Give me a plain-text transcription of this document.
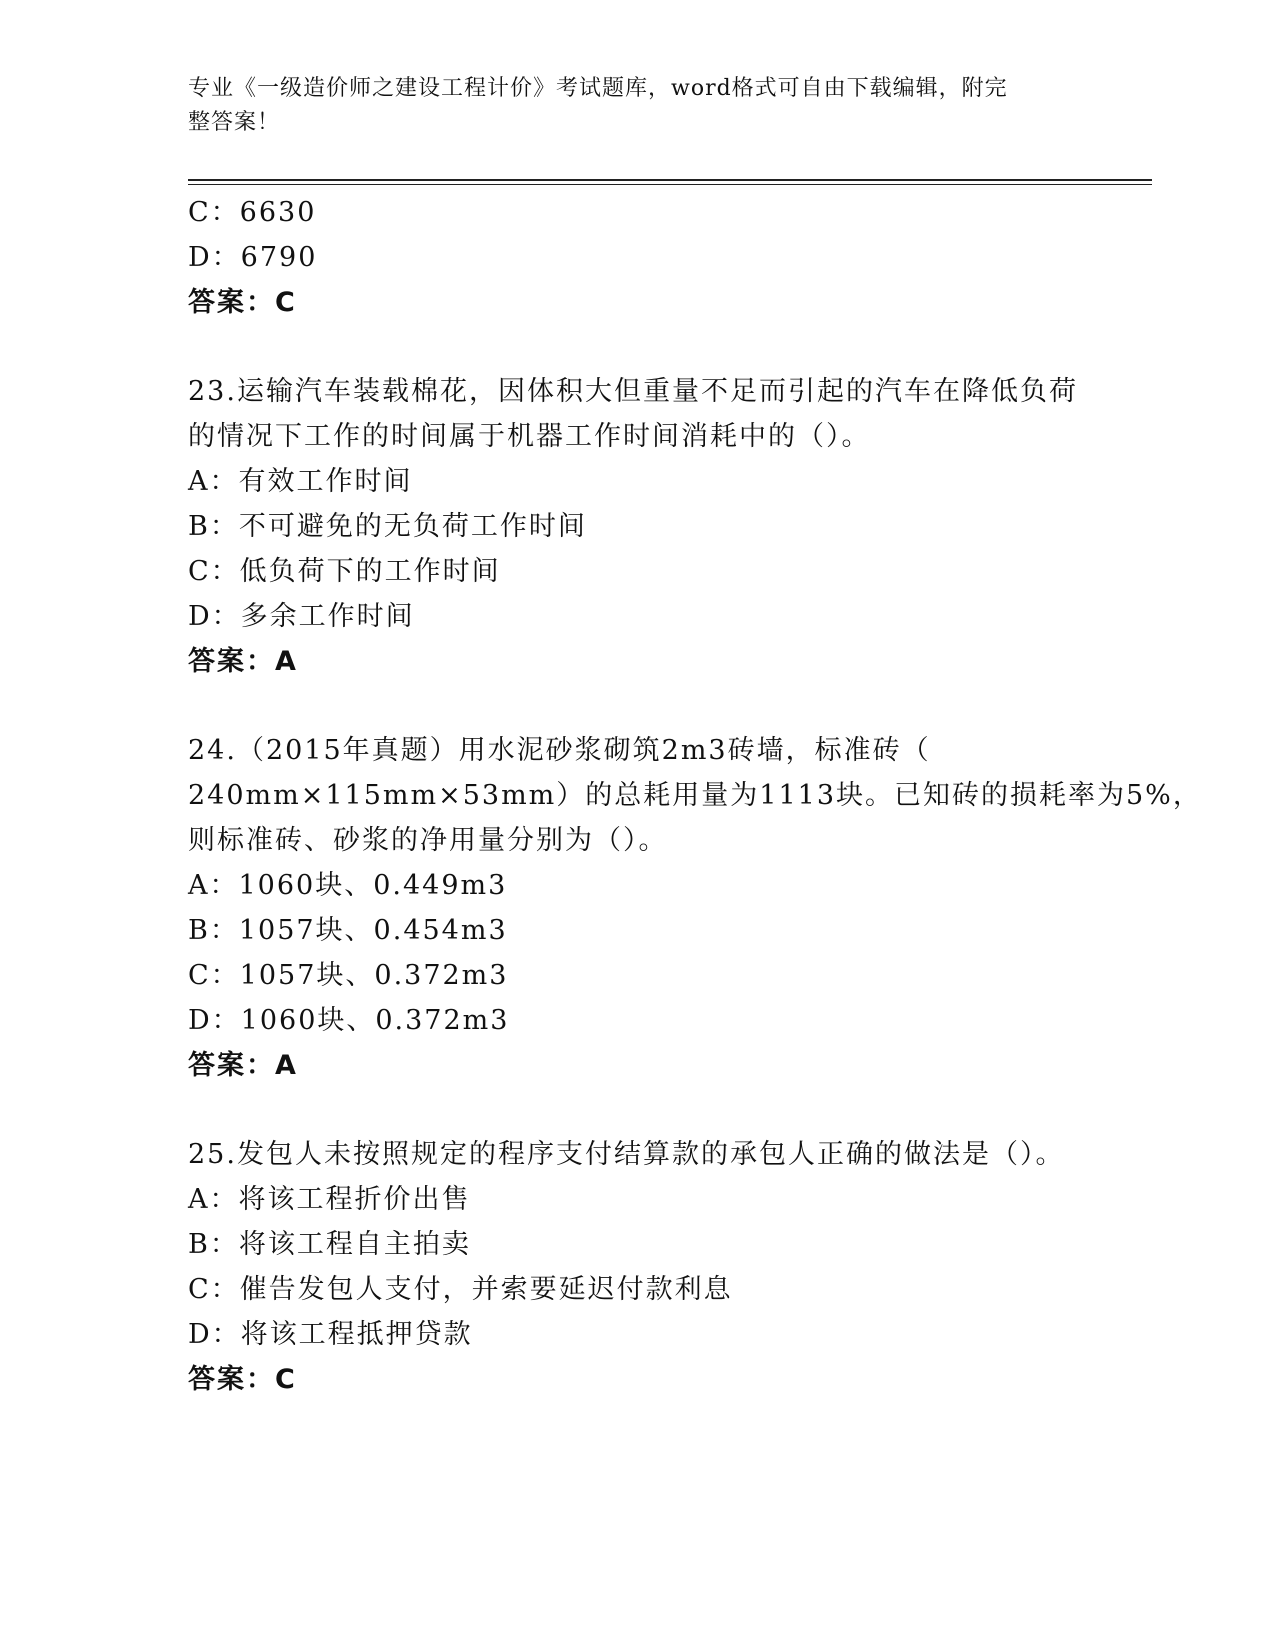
专业《一级造价师之建设工程计价》考试题库，word格式可自由下载编辑，附完
整答案！
C：6630
D：6790
答案：C
23.运输汽车装载棉花，因体积大但重量不足而引起的汽车在降低负荷
的情况下工作的时间属于机器工作时间消耗中的（）。
A：有效工作时间
B：不可避免的无负荷工作时间
C：低负荷下的工作时间
D：多余工作时间
答案：A
24.（2015年真题）用水泥砂浆砌筑2m3砖墙，标准砖（
240mm×115mm×53mm）的总耗用量为1113块。已知砖的损耗率为5%，
则标准砖、砂浆的净用量分别为（）。
A：1060块、0.449m3
B：1057块、0.454m3
C：1057块、0.372m3
D：1060块、0.372m3
答案：A
25.发包人未按照规定的程序支付结算款的承包人正确的做法是（）。
A：将该工程折价出售
B：将该工程自主拍卖
C：催告发包人支付，并索要延迟付款利息
D：将该工程抵押贷款
答案：C
